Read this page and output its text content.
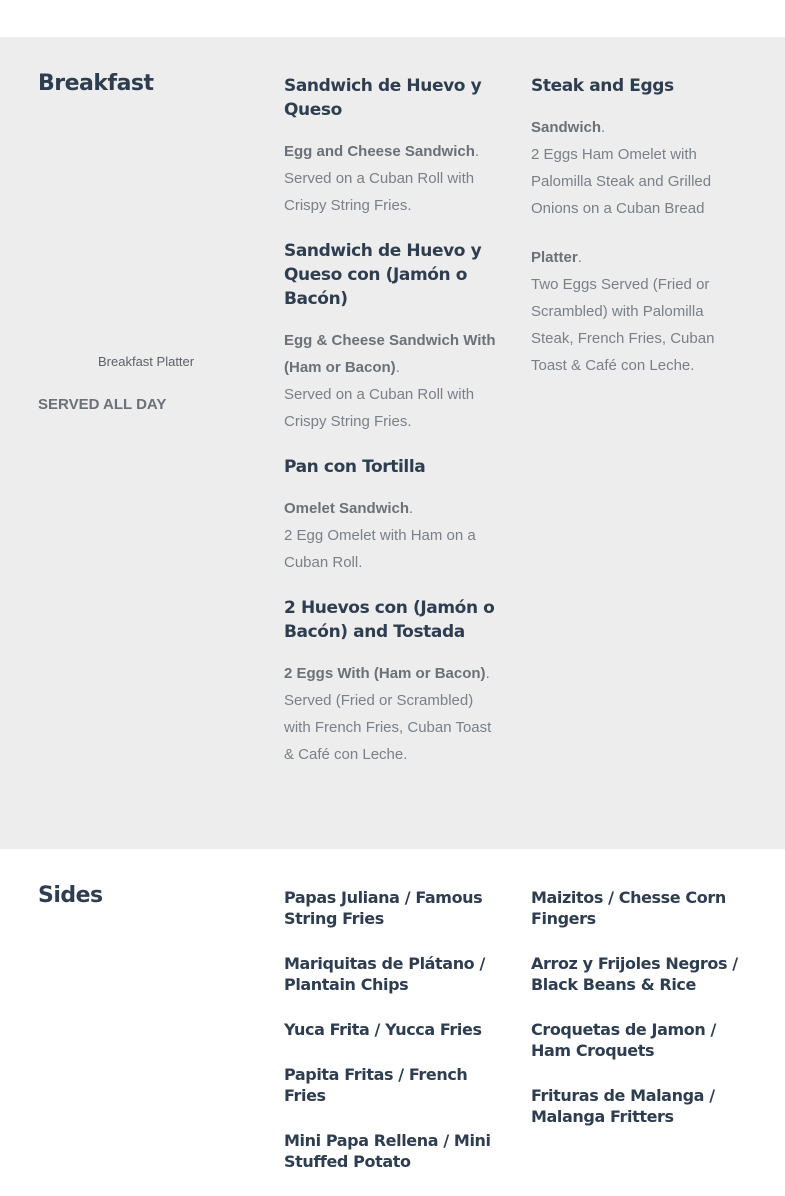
Breakfast
Breakfast Platter
SERVED ALL DAY
Sandwich de Huevo y Queso
Egg and Cheese Sandwich.
Served on a Cuban Roll with Crispy String Fries.
Sandwich de Huevo y Queso con (Jamón o Bacón)
Egg & Cheese Sandwich With (Ham or Bacon).
Served on a Cuban Roll with Crispy String Fries.
Pan con Tortilla
Omelet Sandwich.
2 Egg Omelet with Ham on a Cuban Roll.
2 Huevos con (Jamón o Bacón) and Tostada
2 Eggs With (Ham or Bacon).
Served (Fried or Scrambled) with French Fries, Cuban Toast & Café con Leche.
Steak and Eggs
Sandwich.
2 Eggs Ham Omelet with Palomilla Steak and Grilled Onions on a Cuban Bread
Platter.
Two Eggs Served (Fried or Scrambled) with Palomilla Steak, French Fries, Cuban Toast & Café con Leche.
Sides	Papas Juliana / Famous String Fries
Mariquitas de Plátano / Plantain Chips
Yuca Frita / Yucca Fries
Papita Fritas / French Fries
Mini Papa Rellena / Mini Stuffed Potato
Maizitos / Chesse Corn Fingers
Arroz y Frijoles Negros / Black Beans & Rice
Croquetas de Jamon / Ham Croquets
Frituras de Malanga / Malanga Fritters
